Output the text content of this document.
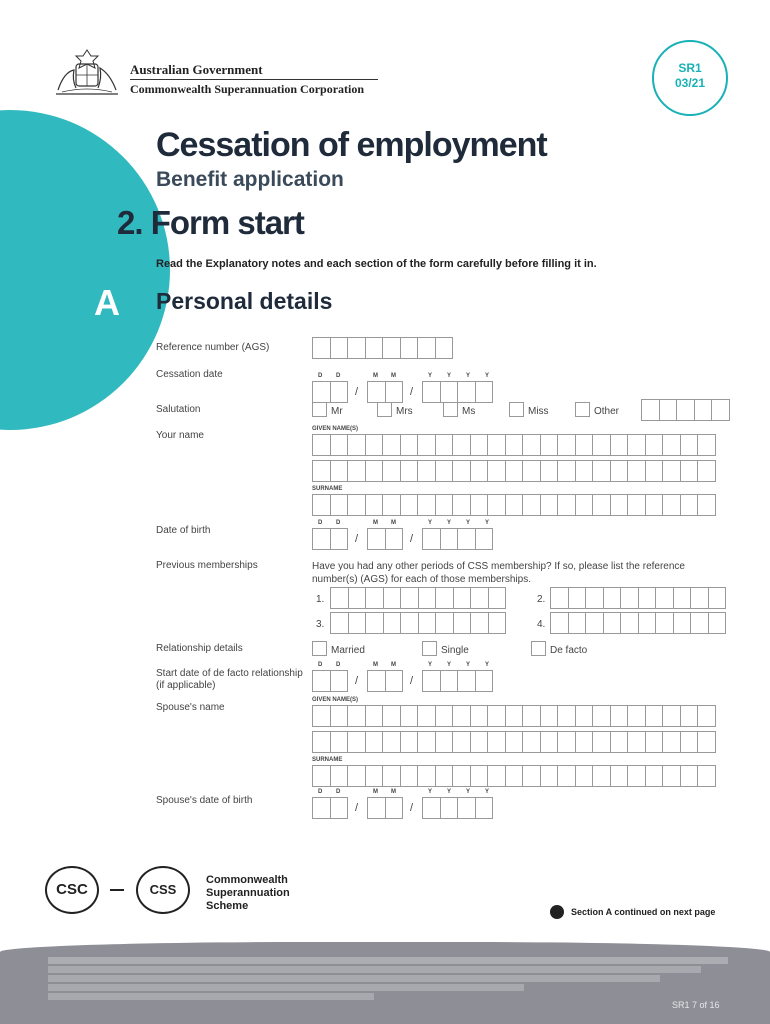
Australian Government
Commonwealth Superannuation Corporation
SR1
03/21
Cessation of employment
Benefit application
2. Form start
Read the Explanatory notes and each section of the form carefully before filling it in.
A Personal details
Reference number (AGS)
Cessation date
Salutation	Mr	Mrs	Ms	Miss	Other
Your name
GIVEN NAME(S)
SURNAME
Date of birth
Previous memberships	Have you had any other periods of CSS membership? If so, please list the reference number(s) (AGS) for each of those memberships.
1.	2.
3.	4.
Relationship details	Married	Single	De facto
Start date of de facto relationship
(if applicable)
Spouse's name
GIVEN NAME(S)
SURNAME
Spouse's date of birth
CSC	CSS
Commonwealth
Superannuation
Scheme	Section A continued on next page
SR1 7 of 16
D D	M M	Y Y Y Y
/	/
D D	M M	Y Y Y Y
/	/
D D	M M	Y Y Y Y
/	/
D D	M M	Y Y Y Y
/	/
